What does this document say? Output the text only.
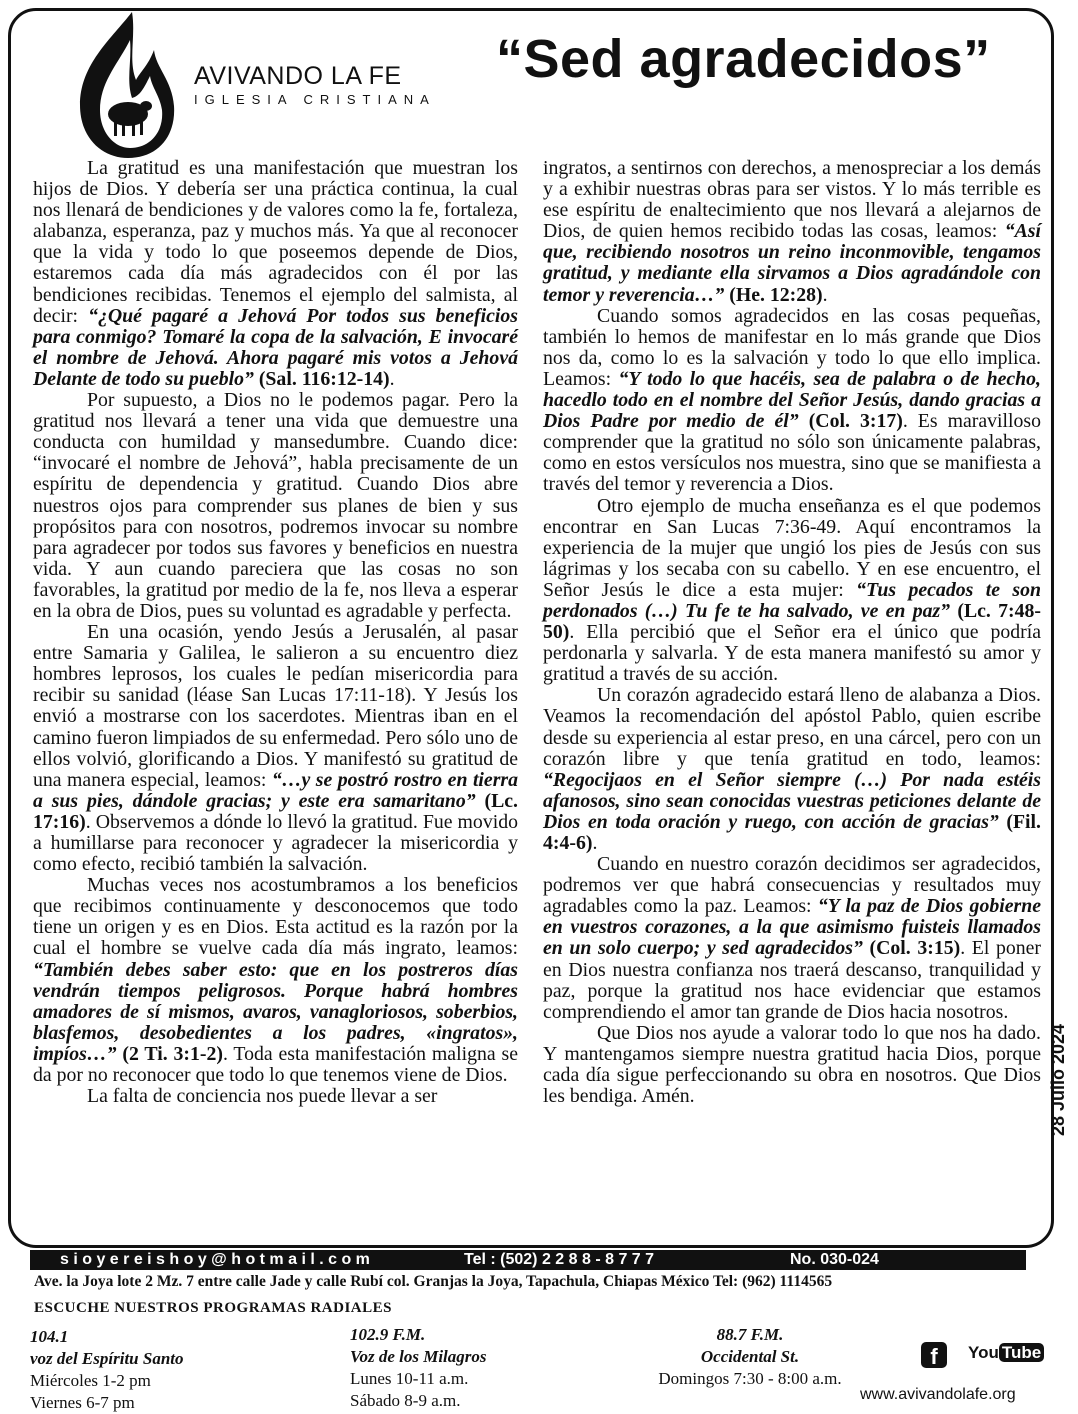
AVIVANDO LA FE
IGLESIA CRISTIANA
“Sed agradecidos”

La gratitud es una manifestación que muestran los hijos de Dios. Y debería ser una práctica continua, la cual nos llenará de bendiciones y de valores como la fe, fortaleza, alabanza, esperanza, paz y muchos más. Ya que al reconocer que la vida y todo lo que poseemos depende de Dios, estaremos cada día más agradecidos con él por las bendiciones recibidas. Tenemos el ejemplo del salmista, al decir: “¿Qué pagaré a Jehová Por todos sus beneficios para conmigo? Tomaré la copa de la salvación, E invocaré el nombre de Jehová. Ahora pagaré mis votos a Jehová Delante de todo su pueblo” (Sal. 116:12-14).

Por supuesto, a Dios no le podemos pagar. Pero la gratitud nos llevará a tener una vida que demuestre una conducta con humildad y mansedumbre. Cuando dice: “invocaré el nombre de Jehová”, habla precisamente de un espíritu de dependencia y gratitud. Cuando Dios abre nuestros ojos para comprender sus planes de bien y sus propósitos para con nosotros, podremos invocar su nombre para agradecer por todos sus favores y beneficios en nuestra vida. Y aun cuando pareciera que las cosas no son favorables, la gratitud por medio de la fe, nos lleva a esperar en la obra de Dios, pues su voluntad es agradable y perfecta.

En una ocasión, yendo Jesús a Jerusalén, al pasar entre Samaria y Galilea, le salieron a su encuentro diez hombres leprosos, los cuales le pedían misericordia para recibir su sanidad (léase San Lucas 17:11-18). Y Jesús los envió a mostrarse con los sacerdotes. Mientras iban en el camino fueron limpiados de su enfermedad. Pero sólo uno de ellos volvió, glorificando a Dios. Y manifestó su gratitud de una manera especial, leamos: “…y se postró rostro en tierra a sus pies, dándole gracias; y este era samaritano” (Lc. 17:16). Observemos a dónde lo llevó la gratitud. Fue movido a humillarse para reconocer y agradecer la misericordia y como efecto, recibió también la salvación.

Muchas veces nos acostumbramos a los beneficios que recibimos continuamente y desconocemos que todo tiene un origen y es en Dios. Esta actitud es la razón por la cual el hombre se vuelve cada día más ingrato, leamos: “También debes saber esto: que en los postreros días vendrán tiempos peligrosos. Porque habrá hombres amadores de sí mismos, avaros, vanagloriosos, soberbios, blasfemos, desobedientes a los padres, «ingratos», impíos…” (2 Ti. 3:1-2). Toda esta manifestación maligna se da por no reconocer que todo lo que tenemos viene de Dios.

La falta de conciencia nos puede llevar a ser

ingratos, a sentirnos con derechos, a menospreciar a los demás y a exhibir nuestras obras para ser vistos. Y lo más terrible es ese espíritu de enaltecimiento que nos llevará a alejarnos de Dios, de quien hemos recibido todas las cosas, leamos: “Así que, recibiendo nosotros un reino inconmovible, tengamos gratitud, y mediante ella sirvamos a Dios agradándole con temor y reverencia…” (He. 12:28).

Cuando somos agradecidos en las cosas pequeñas, también lo hemos de manifestar en lo más grande que Dios nos da, como lo es la salvación y todo lo que ello implica. Leamos: “Y todo lo que hacéis, sea de palabra o de hecho, hacedlo todo en el nombre del Señor Jesús, dando gracias a Dios Padre por medio de él” (Col. 3:17). Es maravilloso comprender que la gratitud no sólo son únicamente palabras, como en estos versículos nos muestra, sino que se manifiesta a través del temor y reverencia a Dios.

Otro ejemplo de mucha enseñanza es el que podemos encontrar en San Lucas 7:36-49. Aquí encontramos la experiencia de la mujer que ungió los pies de Jesús con sus lágrimas y los secaba con su cabello. Y en ese encuentro, el Señor Jesús le dice a esta mujer: “Tus pecados te son perdonados (…) Tu fe te ha salvado, ve en paz” (Lc. 7:48-50). Ella percibió que el Señor era el único que podría perdonarla y salvarla. Y de esta manera manifestó su amor y gratitud a través de su acción.

Un corazón agradecido estará lleno de alabanza a Dios. Veamos la recomendación del apóstol Pablo, quien escribe desde su experiencia al estar preso, en una cárcel, pero con un corazón libre y que tenía gratitud en todo, leamos: “Regocijaos en el Señor siempre (…) Por nada estéis afanosos, sino sean conocidas vuestras peticiones delante de Dios en toda oración y ruego, con acción de gracias” (Fil. 4:4-6).

Cuando en nuestro corazón decidimos ser agradecidos, podremos ver que habrá consecuencias y resultados muy agradables como la paz. Leamos: “Y la paz de Dios gobierne en vuestros corazones, a la que asimismo fuisteis llamados en un solo cuerpo; y sed agradecidos” (Col. 3:15). El poner en Dios nuestra confianza nos traerá descanso, tranquilidad y paz, porque la gratitud nos hace evidenciar que estamos comprendiendo el amor tan grande de Dios hacia nosotros.

Que Dios nos ayude a valorar todo lo que nos ha dado. Y mantengamos siempre nuestra gratitud hacia Dios, porque cada día sigue perfeccionando su obra en nosotros. Que Dios les bendiga. Amén.	28 Julio 2024
s i o y e r e i s h o y @ h o t m a i l . c o m	Tel : (502) 2 2 8 8 - 8 7 7 7	No. 030-024
Ave. la Joya lote 2 Mz. 7 entre calle Jade y calle Rubí col. Granjas la Joya, Tapachula, Chiapas México Tel: (962) 1114565
ESCUCHE NUESTROS PROGRAMAS RADIALES
104.1
voz del Espíritu Santo
Miércoles 1-2 pm
Viernes 6-7 pm
102.9 F.M.
Voz de los Milagros
Lunes 10-11 a.m.
Sábado 8-9 a.m.
88.7 F.M.
Occidental St.
Domingos 7:30 - 8:00 a.m.
f	You Tube
www.avivandolafe.org
